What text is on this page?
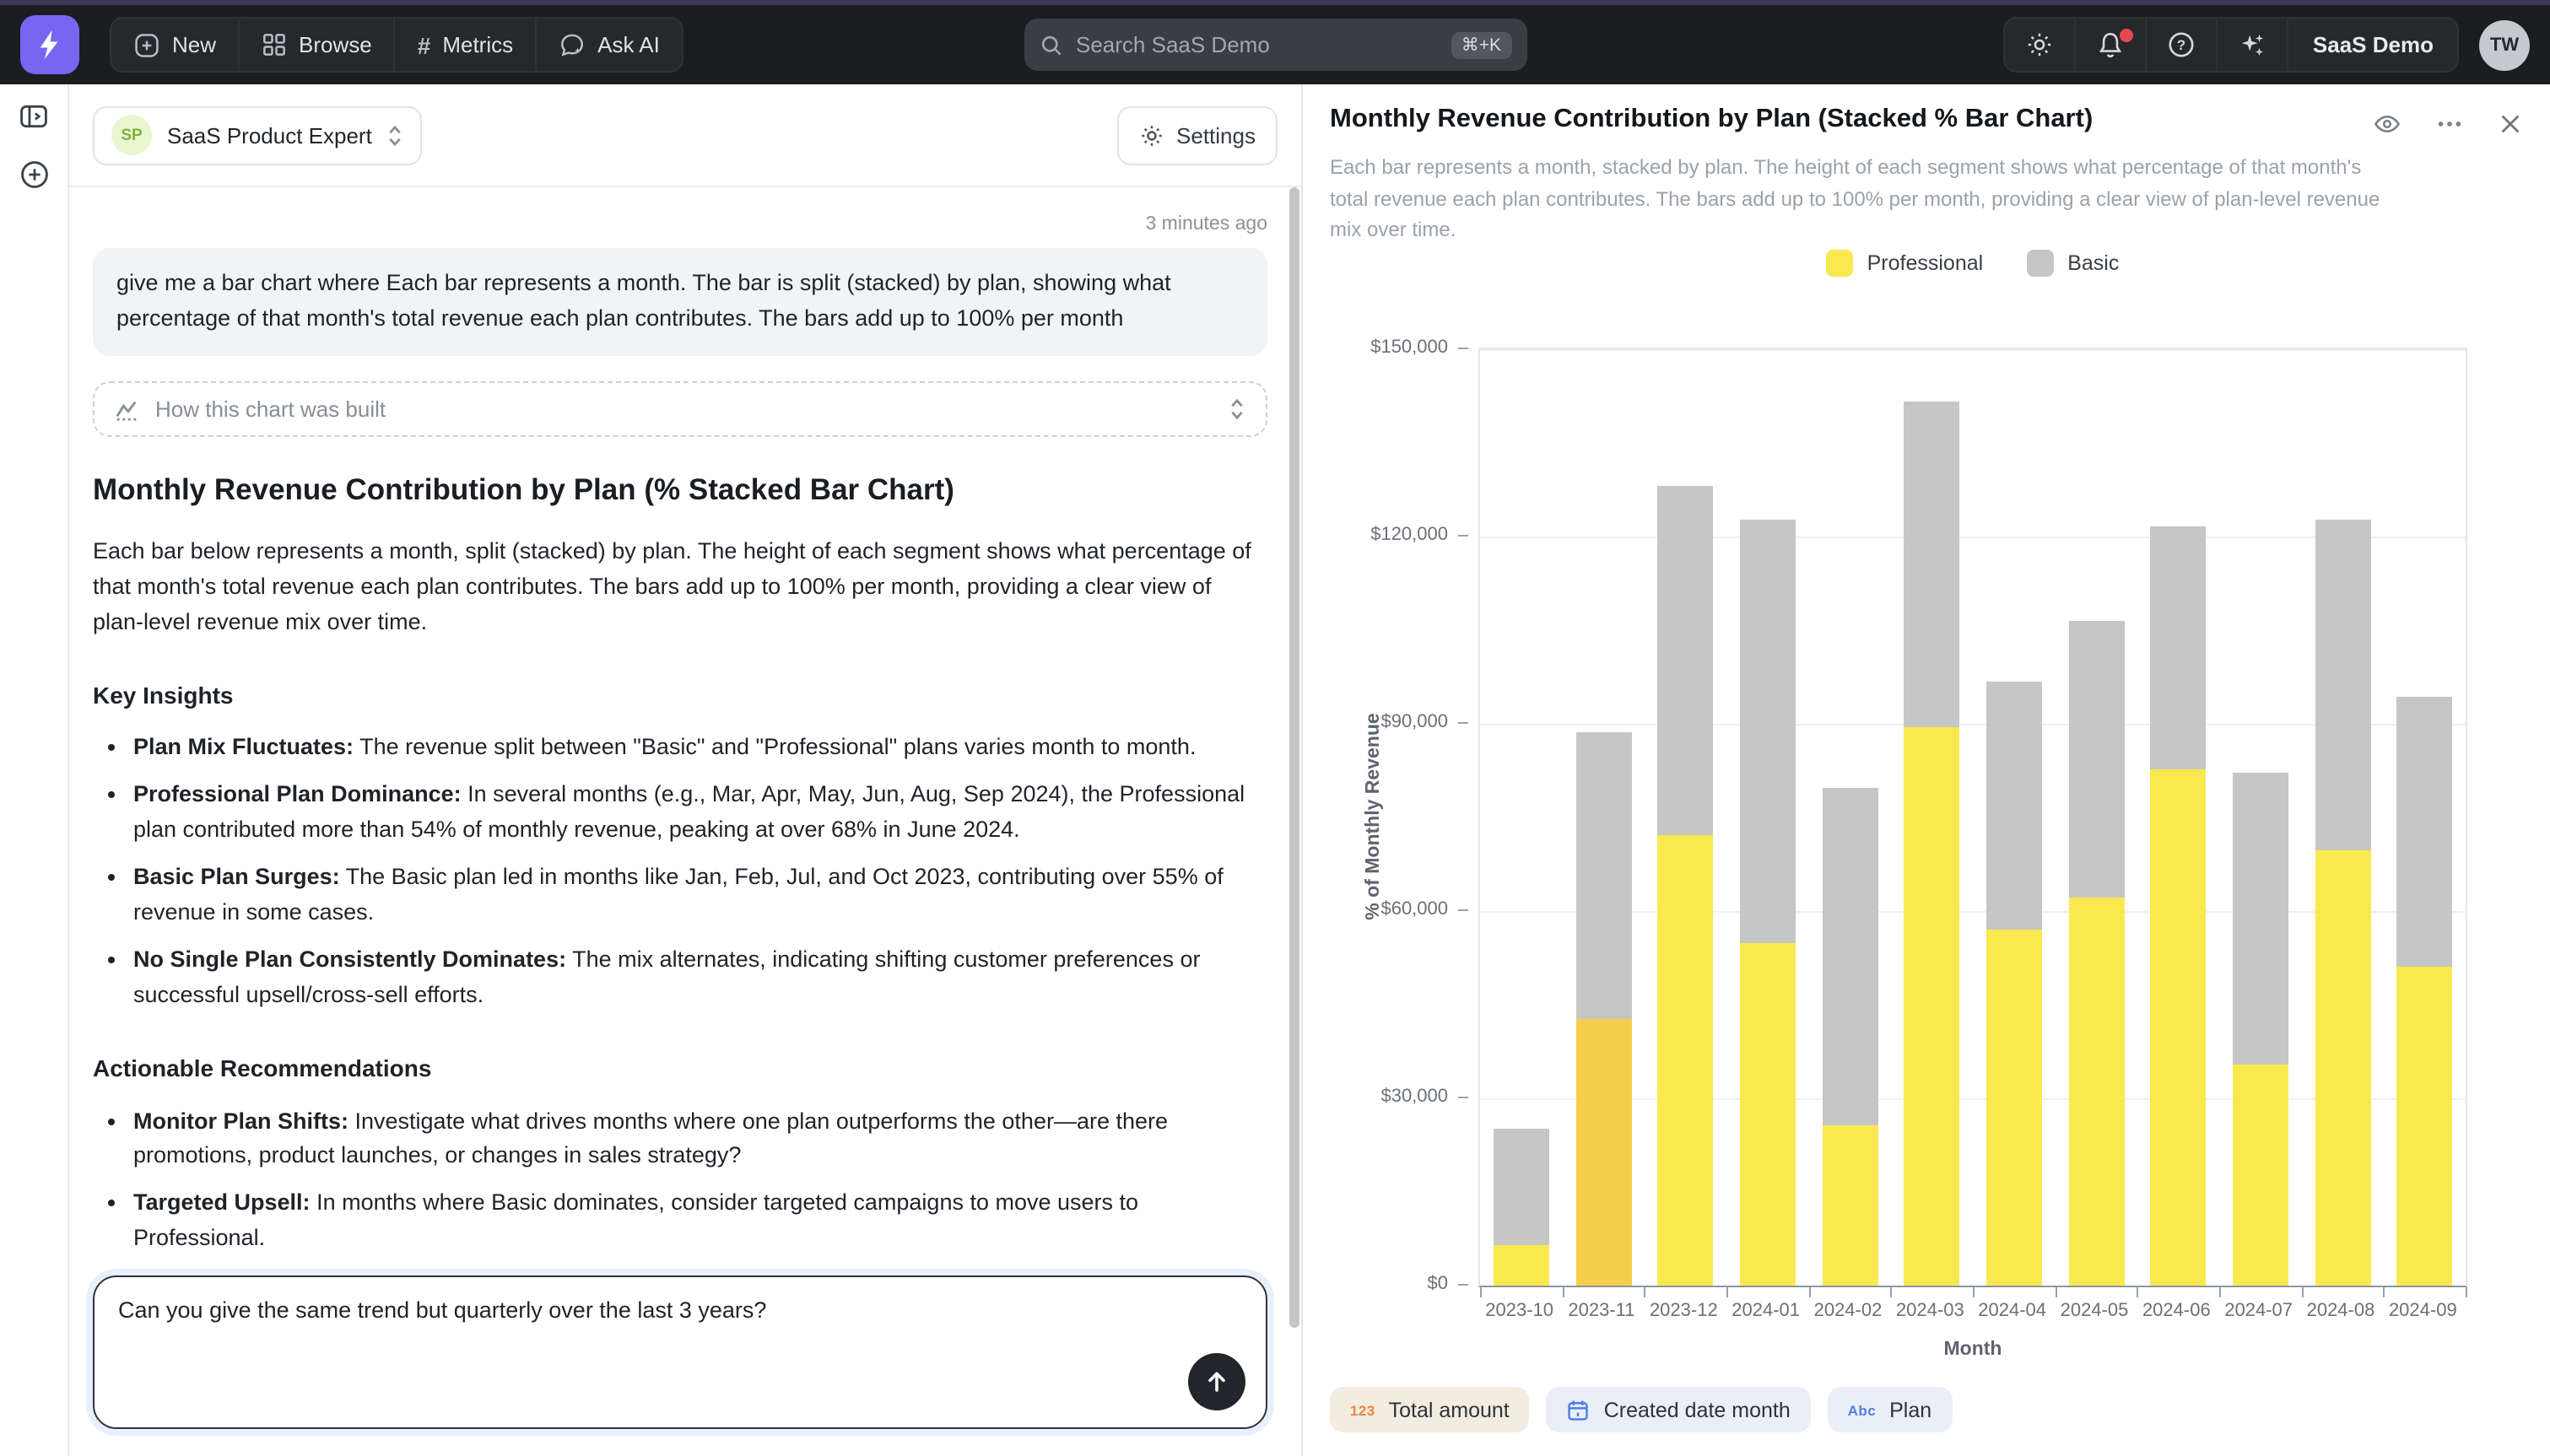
New	Browse	# Metrics	Ask AI	Search SaaS Demo	⌘+K	?	SaaS Demo	TW
SP	SaaS Product Expert	Settings
3 minutes ago
give me a bar chart where Each bar represents a month. The bar is split (stacked) by plan, showing what percentage of that month's total revenue each plan contributes. The bars add up to 100% per month
How this chart was built
Monthly Revenue Contribution by Plan (% Stacked Bar Chart)

Each bar below represents a month, split (stacked) by plan. The height of each segment shows what percentage of that month's total revenue each plan contributes. The bars add up to 100% per month, providing a clear view of plan-level revenue mix over time.

Key Insights
• Plan Mix Fluctuates: The revenue split between "Basic" and "Professional" plans varies month to month.
• Professional Plan Dominance: In several months (e.g., Mar, Apr, May, Jun, Aug, Sep 2024), the Professional plan contributed more than 54% of monthly revenue, peaking at over 68% in June 2024.
• Basic Plan Surges: The Basic plan led in months like Jan, Feb, Jul, and Oct 2023, contributing over 55% of revenue in some cases.
• No Single Plan Consistently Dominates: The mix alternates, indicating shifting customer preferences or successful upsell/cross-sell efforts.
Actionable Recommendations
• Monitor Plan Shifts: Investigate what drives months where one plan outperforms the other—are there promotions, product launches, or changes in sales strategy?
• Targeted Upsell: In months where Basic dominates, consider targeted campaigns to move users to Professional.
•

Can you give the same trend but quarterly over the last 3 years?
Monthly Revenue Contribution by Plan (Stacked % Bar Chart)
Each bar represents a month, stacked by plan. The height of each segment shows what percentage of that month's total revenue each plan contributes. The bars add up to 100% per month, providing a clear view of plan-level revenue mix over time.
Professional	Basic
% of Monthly Revenue
$0
$30,000
$60,000
$90,000
$120,000
$150,000
2023-10	2023-11	2023-12	2024-01	2024-02	2024-03	2024-04	2024-05	2024-06	2024-07	2024-08	2024-09
Month
123 Total amount	Created date month	Abc Plan
